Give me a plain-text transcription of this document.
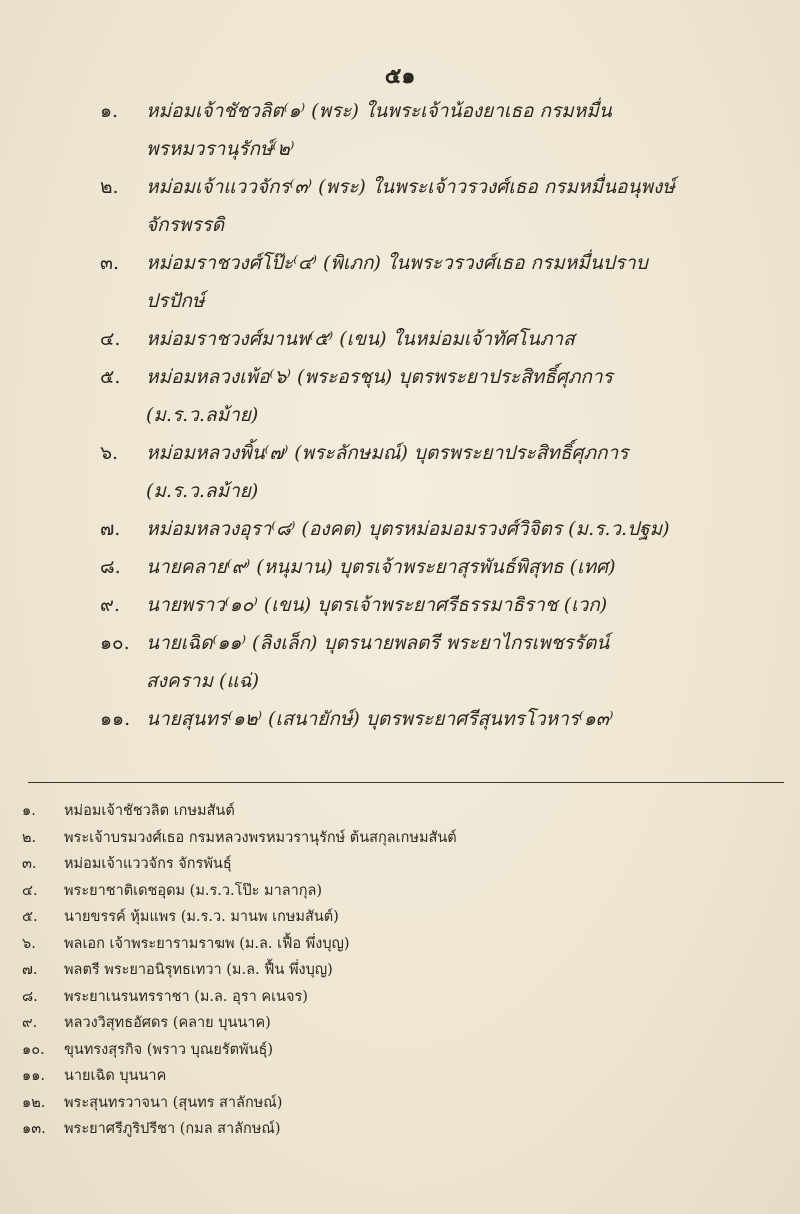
๕๑
๑.	หม่อมเจ้าชัชวลิต⁽๑⁾ (พระ) ในพระเจ้าน้องยาเธอ กรมหมื่น
พรหมวรานุรักษ์⁽๒⁾
๒.	หม่อมเจ้าแววจักร⁽๓⁾ (พระ) ในพระเจ้าวรวงศ์เธอ กรมหมื่นอนุพงษ์
จักรพรรดิ
๓.	หม่อมราชวงศ์โป๊ะ⁽๔⁾ (พิเภก) ในพระวรวงศ์เธอ กรมหมื่นปราบ
ปรปักษ์
๔.	หม่อมราชวงศ์มานพ⁽๕⁾ (เขน) ในหม่อมเจ้าทัศโนภาส
๕.	หม่อมหลวงเพ้อ⁽๖⁾ (พระอรชุน) บุตรพระยาประสิทธิ์ศุภการ
(ม.ร.ว.ลม้าย)
๖.	หม่อมหลวงพิ้น⁽๗⁾ (พระลักษมณ์) บุตรพระยาประสิทธิ์ศุภการ
(ม.ร.ว.ลม้าย)
๗.	หม่อมหลวงอุรา⁽๘⁾ (องคต) บุตรหม่อมอมรวงศ์วิจิตร (ม.ร.ว.ปฐม)
๘.	นายคลาย⁽๙⁾ (หนุมาน) บุตรเจ้าพระยาสุรพันธ์พิสุทธ (เทศ)
๙.	นายพราว⁽๑๐⁾ (เขน) บุตรเจ้าพระยาศรีธรรมาธิราช (เวก)
๑๐. นายเฉิด⁽๑๑⁾ (ลิงเล็ก) บุตรนายพลตรี พระยาไกรเพชรรัตน์
สงคราม (แฉ่)
๑๑. นายสุนทร⁽๑๒⁾ (เสนายักษ์) บุตรพระยาศรีสุนทรโวหาร⁽๑๓⁾
๑.	หม่อมเจ้าชัชวลิต เกษมสันต์
๒.	พระเจ้าบรมวงศ์เธอ กรมหลวงพรหมวรานุรักษ์ ต้นสกุลเกษมสันต์
๓.	หม่อมเจ้าแววจักร จักรพันธุ์
๔.	พระยาชาติเดชอุดม (ม.ร.ว.โป๊ะ มาลากุล)
๕.	นายขรรค์ หุ้มแพร (ม.ร.ว. มานพ เกษมสันต์)
๖.	พลเอก เจ้าพระยารามราฆพ (ม.ล. เฟื้อ พึ่งบุญ)
๗.	พลตรี พระยาอนิรุทธเทวา (ม.ล. ฟื้น พึ่งบุญ)
๘.	พระยาเนรนทรราชา (ม.ล. อุรา คเนจร)
๙.	หลวงวิสุทธอัศดร (คลาย บุนนาค)
๑๐.	ขุนทรงสุรกิจ (พราว บุณยรัตพันธุ์)
๑๑.	นายเฉิด บุนนาค
๑๒.	พระสุนทรวาจนา (สุนทร สาลักษณ์)
๑๓.	พระยาศรีภูริปรีชา (กมล สาลักษณ์)
